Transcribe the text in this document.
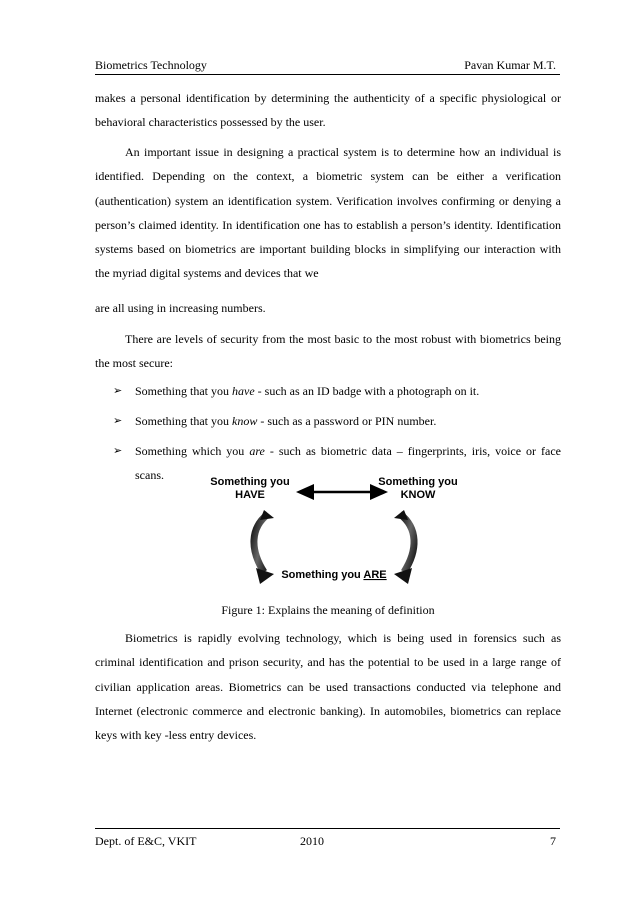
Biometrics Technology	Pavan Kumar M.T.

makes a personal identification by determining the authenticity of a specific physiological or behavioral characteristics possessed by the user.

An important issue in designing a practical system is to determine how an individual is identified. Depending on the context, a biometric system can be either a verification (authentication) system an identification system. Verification involves confirming or denying a person’s claimed identity. In identification one has to establish a person’s identity. Identification systems based on biometrics are important building blocks in simplifying our interaction with the myriad digital systems and devices that we
are all using in increasing numbers.

There are levels of security from the most basic to the most robust with biometrics being the most secure:

➢ Something that you have - such as an ID badge with a photograph on it.
➢ Something that you know - such as a password or PIN number.
➢ Something which you are - such as biometric data – fingerprints, iris, voice or face scans.
Something you
HAVE
Something you
KNOW
Something you ARE
Figure 1: Explains the meaning of definition

Biometrics is rapidly evolving technology, which is being used in forensics such as criminal identification and prison security, and has the potential to be used in a large range of civilian application areas. Biometrics can be used transactions conducted via telephone and Internet (electronic commerce and electronic banking). In automobiles, biometrics can replace keys with key -less entry devices.

Dept. of E&C, VKIT	2010	7
